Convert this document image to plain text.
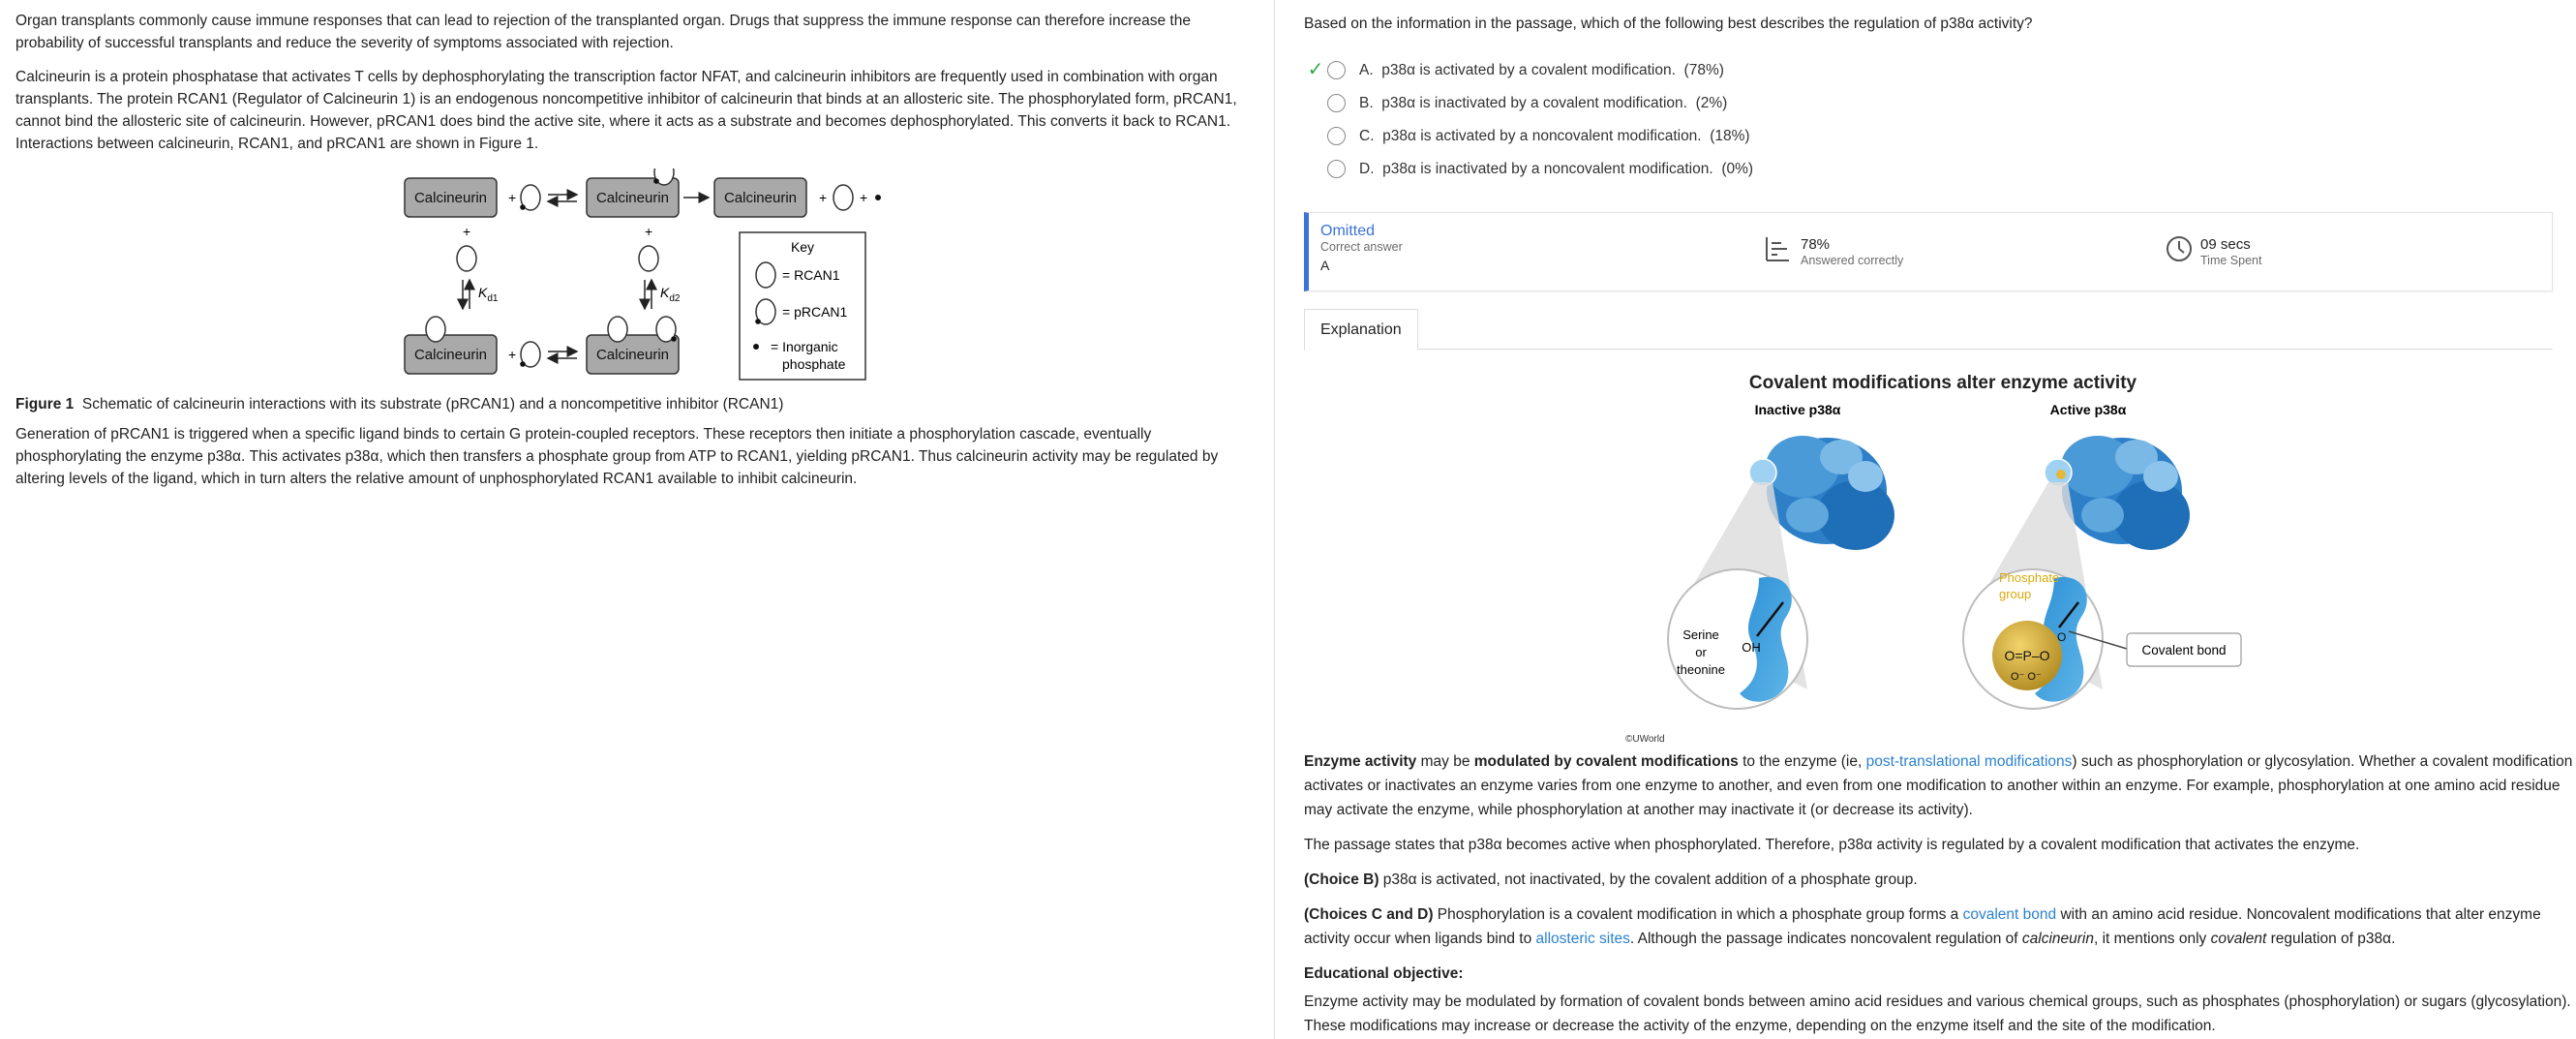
Organ transplants commonly cause immune responses that can lead to rejection of the transplanted organ. Drugs that suppress the immune response can therefore increase the probability of successful transplants and reduce the severity of symptoms associated with rejection.

Calcineurin is a protein phosphatase that activates T cells by dephosphorylating the transcription factor NFAT, and calcineurin inhibitors are frequently used in combination with organ transplants. The protein RCAN1 (Regulator of Calcineurin 1) is an endogenous noncompetitive inhibitor of calcineurin that binds at an allosteric site. The phosphorylated form, pRCAN1, cannot bind the allosteric site of calcineurin. However, pRCAN1 does bind the active site, where it acts as a substrate and becomes dephosphorylated. This converts it back to RCAN1. Interactions between calcineurin, RCAN1, and pRCAN1 are shown in Figure 1.

Calcineurin +	Calcineurin	Calcineurin + +
+	+
$K_{d1}$	$K_{d2}$
Calcineurin +	Calcineurin
Key
= RCAN1
= pRCAN1
= Inorganic
phosphate

Figure 1 Schematic of calcineurin interactions with its substrate (pRCAN1) and a noncompetitive inhibitor (RCAN1)

Generation of pRCAN1 is triggered when a specific ligand binds to certain G protein-coupled receptors. These receptors then initiate a phosphorylation cascade, eventually phosphorylating the enzyme p38α. This activates p38α, which then transfers a phosphate group from ATP to RCAN1, yielding pRCAN1. Thus calcineurin activity may be regulated by altering levels of the ligand, which in turn alters the relative amount of unphosphorylated RCAN1 available to inhibit calcineurin.

Based on the information in the passage, which of the following best describes the regulation of p38α activity?
✓ A. p38α is activated by a covalent modification. (78%)
B. p38α is inactivated by a covalent modification. (2%)
C. p38α is activated by a noncovalent modification. (18%)
D. p38α is inactivated by a noncovalent modification. (0%)
Omitted
Correct answer
A
78%
Answered correctly
09 secs
Time Spent
Explanation
Covalent modifications alter enzyme activity
Inactive p38α	Active p38α
OH
Serine
or
theonine
Phosphate
group
O=P–O
O
O⁻ O⁻
Covalent bond
©UWorld

Enzyme activity may be modulated by covalent modifications to the enzyme (ie, post-translational modifications) such as phosphorylation or glycosylation. Whether a covalent modification activates or inactivates an enzyme varies from one enzyme to another, and even from one modification to another within an enzyme. For example, phosphorylation at one amino acid residue may activate the enzyme, while phosphorylation at another may inactivate it (or decrease its activity).

The passage states that p38α becomes active when phosphorylated. Therefore, p38α activity is regulated by a covalent modification that activates the enzyme.

(Choice B) p38α is activated, not inactivated, by the covalent addition of a phosphate group.

(Choices C and D) Phosphorylation is a covalent modification in which a phosphate group forms a covalent bond with an amino acid residue. Noncovalent modifications that alter enzyme activity occur when ligands bind to allosteric sites. Although the passage indicates noncovalent regulation of calcineurin, it mentions only covalent regulation of p38α.

Educational objective:
Enzyme activity may be modulated by formation of covalent bonds between amino acid residues and various chemical groups, such as phosphates (phosphorylation) or sugars (glycosylation). These modifications may increase or decrease the activity of the enzyme, depending on the enzyme itself and the site of the modification.
